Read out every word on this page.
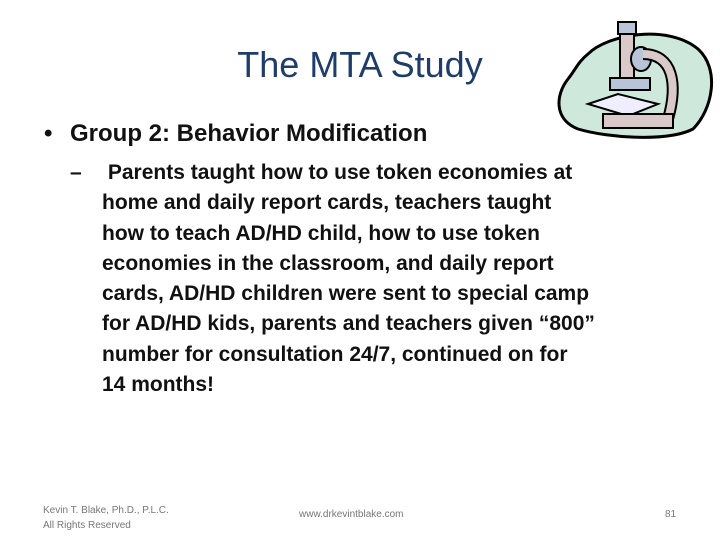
The MTA Study
• Group 2: Behavior Modification
– Parents taught how to use token economies at
home and daily report cards, teachers taught
how to teach AD/HD child, how to use token
economies in the classroom, and daily report
cards, AD/HD children were sent to special camp
for AD/HD kids, parents and teachers given “800”
number for consultation 24/7, continued on for
14 months!
Kevin T. Blake, Ph.D., P.L.C.
All Rights Reserved
www.drkevintblake.com	81
